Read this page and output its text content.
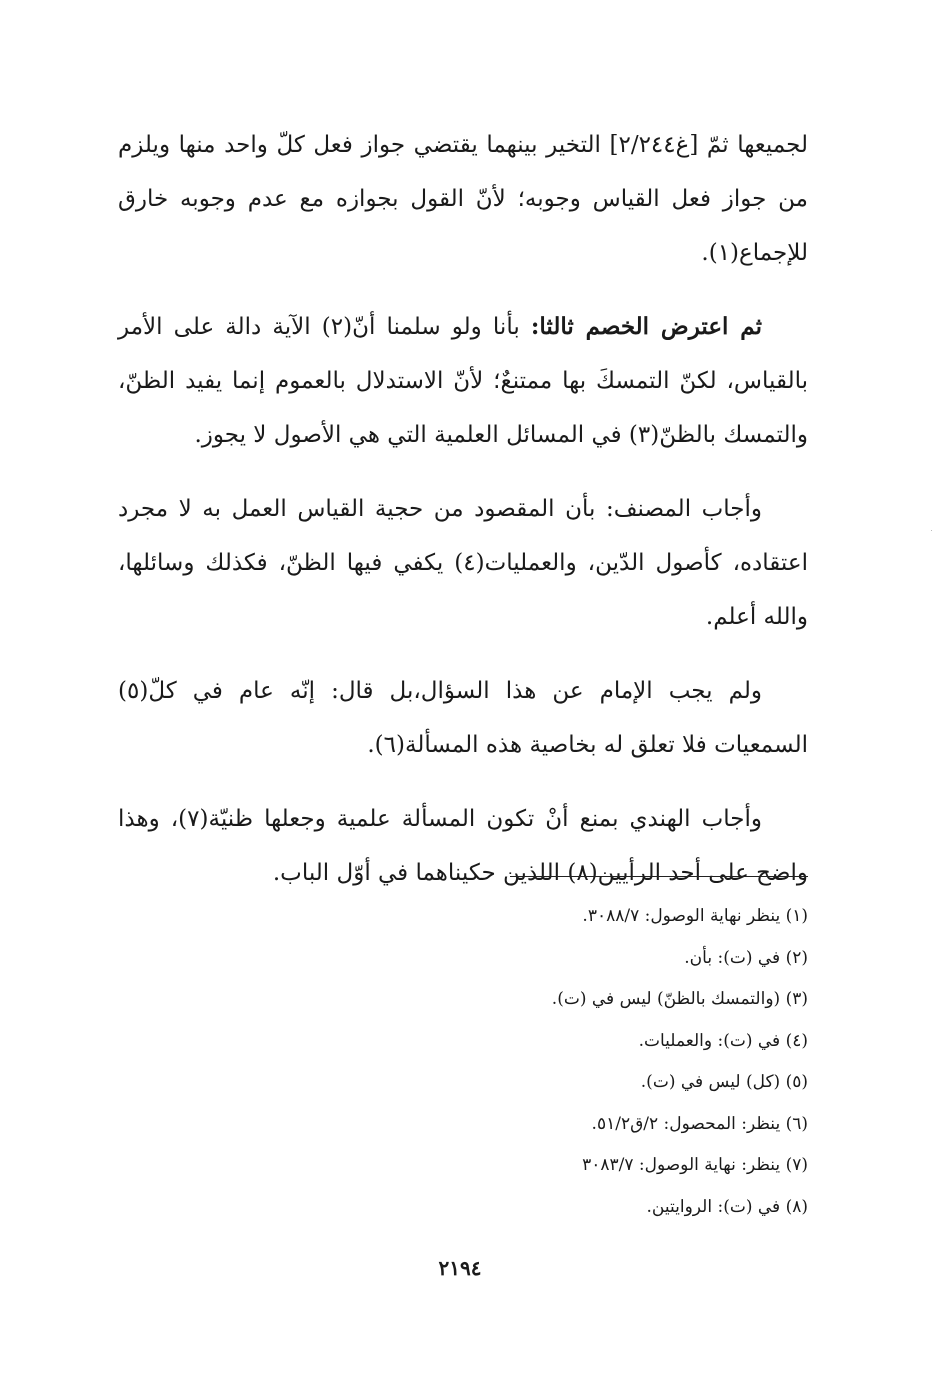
لجميعها ثمّ [غ٢/٢٤٤] التخير بينهما يقتضي جواز فعل كلّ واحد منها ويلزم من جواز فعل القياس وجوبه؛ لأنّ القول بجوازه مع عدم وجوبه خارق للإجماع(١).

ثم اعترض الخصم ثالثا: بأنا ولو سلمنا أنّ(٢) الآية دالة على الأمر بالقياس، لكنّ التمسكَ بها ممتنعٌ؛ لأنّ الاستدلال بالعموم إنما يفيد الظنّ، والتمسك بالظنّ(٣) في المسائل العلمية التي هي الأصول لا يجوز.

وأجاب المصنف: بأن المقصود من حجية القياس العمل به لا مجرد اعتقاده، كأصول الدّين، والعمليات(٤) يكفي فيها الظنّ، فكذلك وسائلها، والله أعلم.

ولم يجب الإمام عن هذا السؤال،بل قال: إنّه عام في كلّ(٥) السمعيات فلا تعلق له بخاصية هذه المسألة(٦).

وأجاب الهندي بمنع أنْ تكون المسألة علمية وجعلها ظنيّة(٧)، وهذا واضح على أحد الرأيين(٨) اللذين حكيناهما في أوّل الباب.

(١) ينظر نهاية الوصول: ٣٠٨٨/٧.
(٢) في (ت): بأن.
(٣) (والتمسك بالظنّ) ليس في (ت).
(٤) في (ت): والعمليات.
(٥) (كل) ليس في (ت).
(٦) ينظر: المحصول: ٢/ق٥١/٢.
(٧) ينظر: نهاية الوصول: ٣٠٨٣/٧
(٨) في (ت): الروايتين.
٢١٩٤
